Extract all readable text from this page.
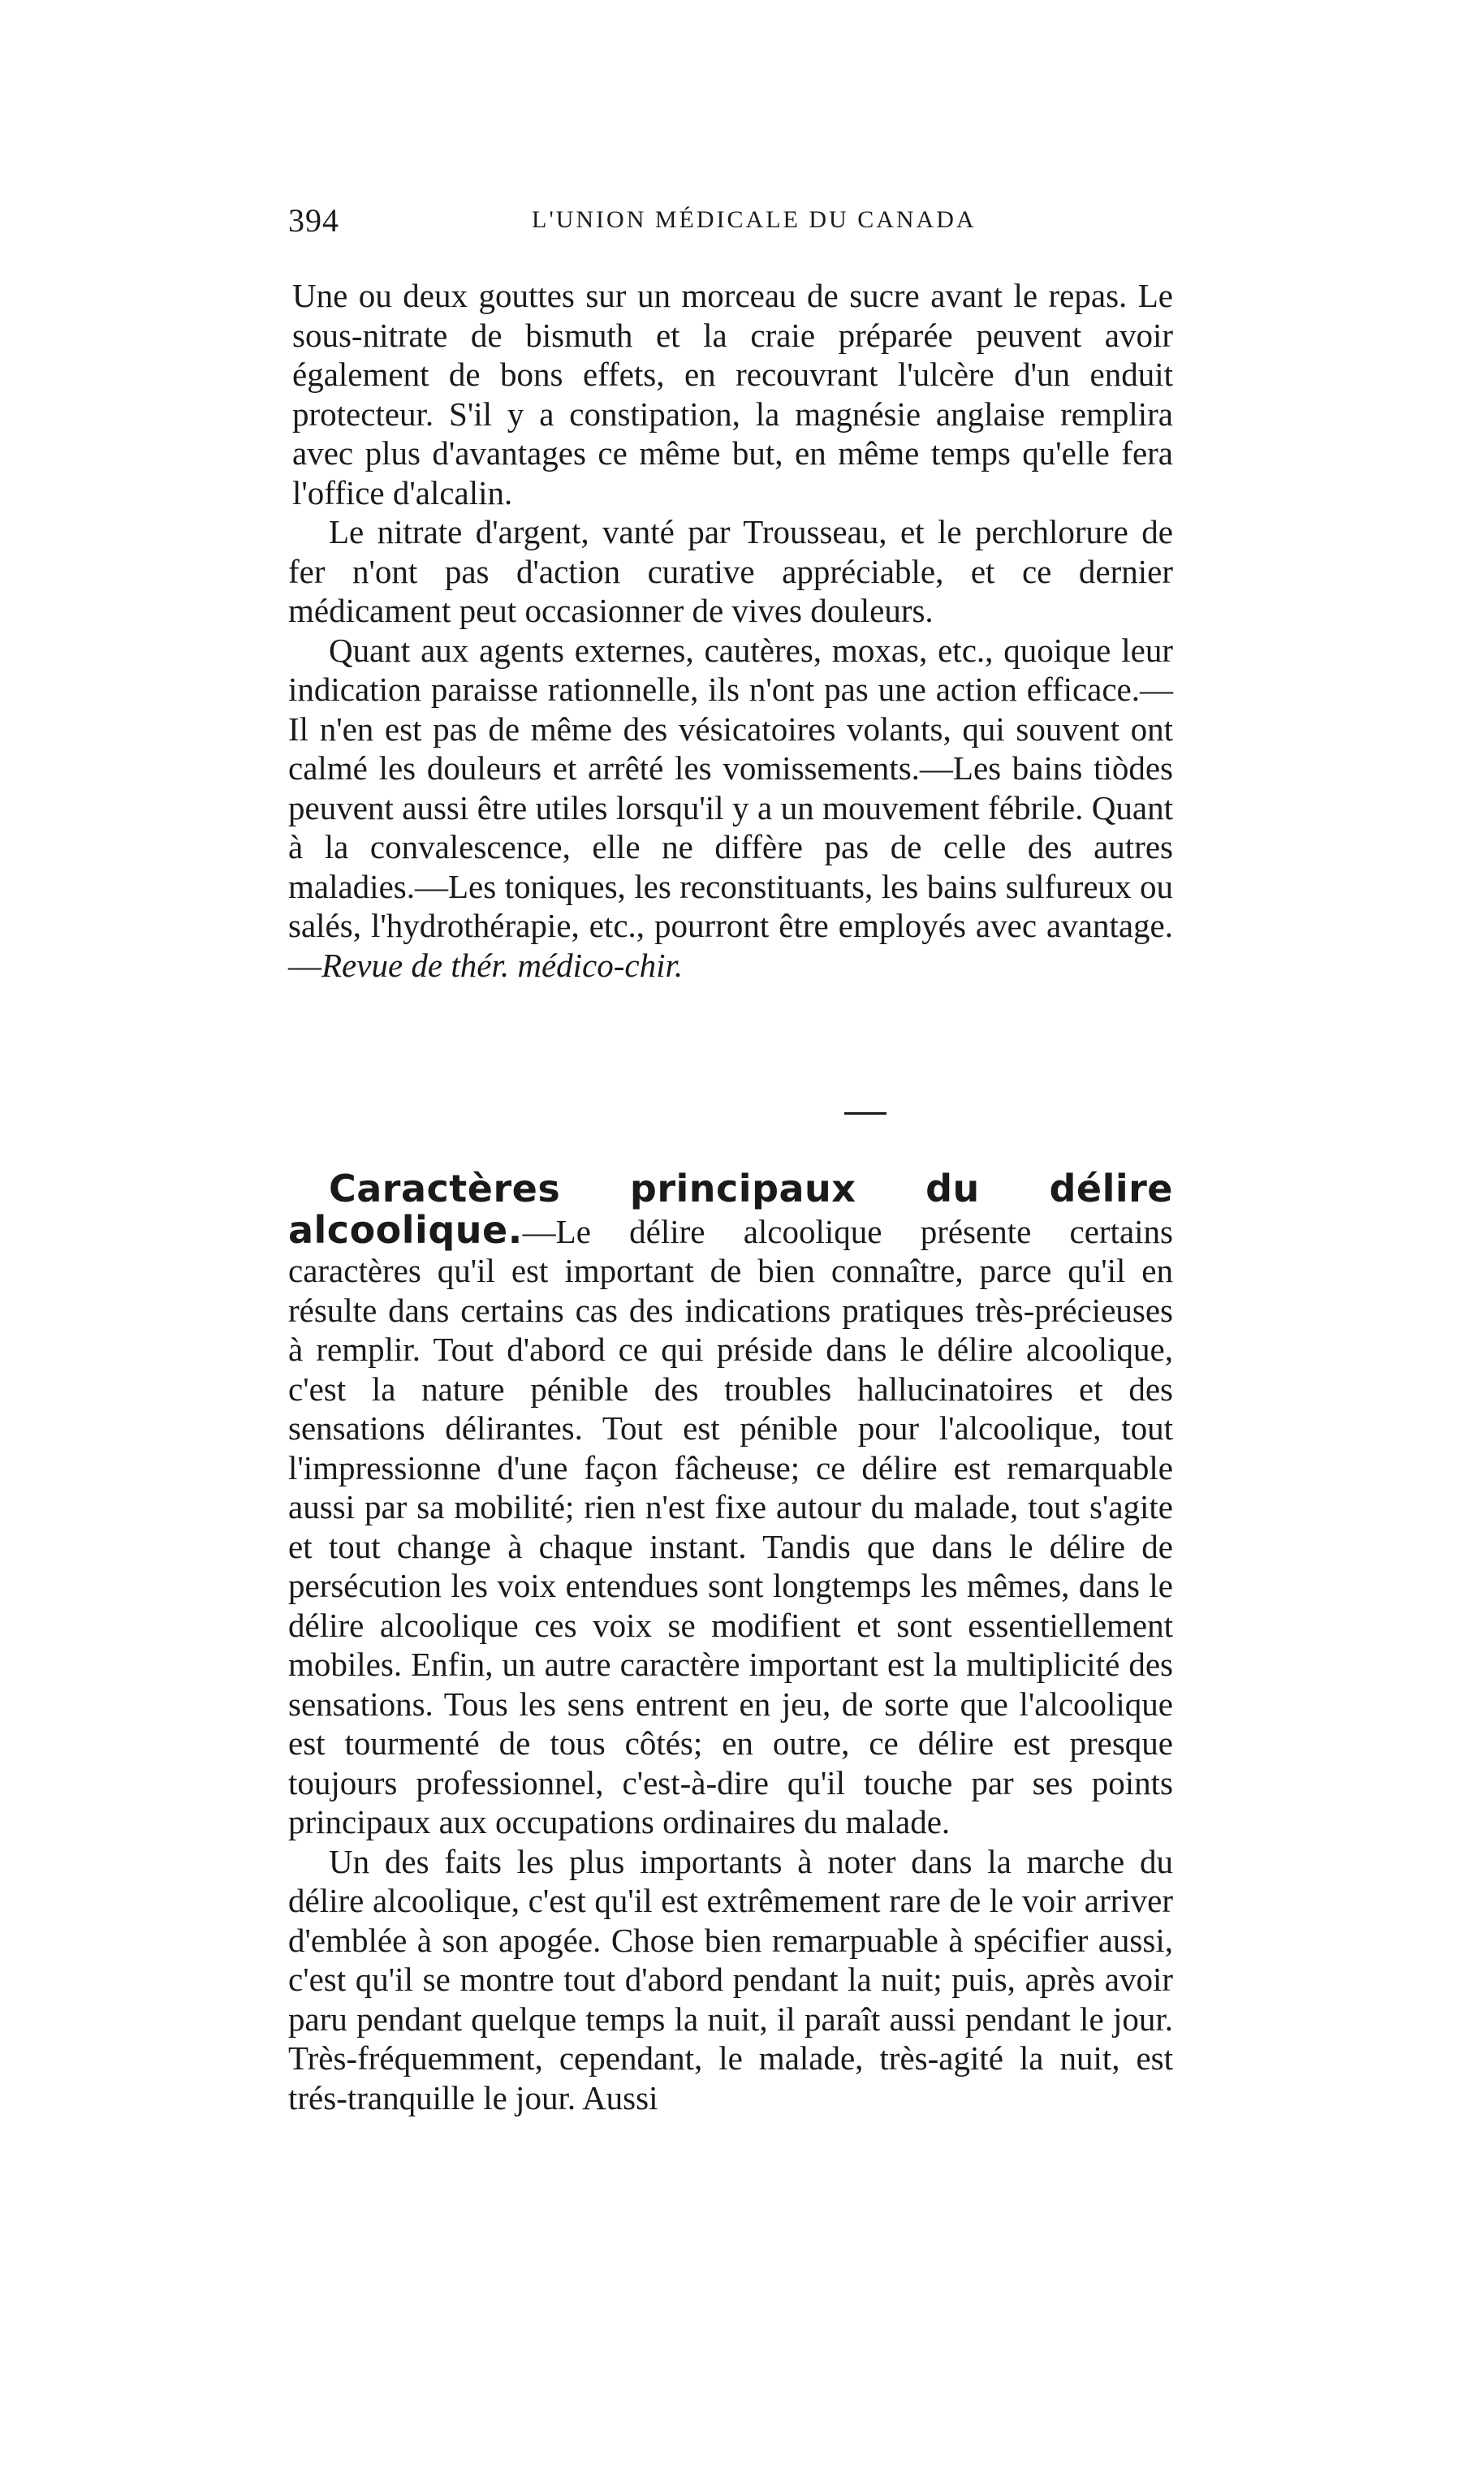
394	L'UNION MÉDICALE DU CANADA

Une ou deux gouttes sur un morceau de sucre avant le repas. Le sous-nitrate de bismuth et la craie préparée peuvent avoir également de bons effets, en recouvrant l'ulcère d'un enduit protecteur. S'il y a constipation, la magnésie anglaise remplira avec plus d'avantages ce même but, en même temps qu'elle fera l'office d'alcalin.

Le nitrate d'argent, vanté par Trousseau, et le perchlorure de fer n'ont pas d'action curative appréciable, et ce dernier médicament peut occasionner de vives douleurs.

Quant aux agents externes, cautères, moxas, etc., quoique leur indication paraisse rationnelle, ils n'ont pas une action efficace.—Il n'en est pas de même des vésicatoires volants, qui souvent ont calmé les douleurs et arrêté les vomissements.—Les bains tiòdes peuvent aussi être utiles lorsqu'il y a un mouvement fébrile. Quant à la convalescence, elle ne diffère pas de celle des autres maladies.—Les toniques, les reconstituants, les bains sulfureux ou salés, l'hydrothérapie, etc., pourront être employés avec avantage.—Revue de thér. médico-chir.

Caractères principaux du délire alcoolique.—Le délire alcoolique présente certains caractères qu'il est important de bien connaître, parce qu'il en résulte dans certains cas des indications pratiques très-précieuses à remplir. Tout d'abord ce qui préside dans le délire alcoolique, c'est la nature pénible des troubles hallucinatoires et des sensations délirantes. Tout est pénible pour l'alcoolique, tout l'impressionne d'une façon fâcheuse; ce délire est remarquable aussi par sa mobilité; rien n'est fixe autour du malade, tout s'agite et tout change à chaque instant. Tandis que dans le délire de persécution les voix entendues sont longtemps les mêmes, dans le délire alcoolique ces voix se modifient et sont essentiellement mobiles. Enfin, un autre caractère important est la multiplicité des sensations. Tous les sens entrent en jeu, de sorte que l'alcoolique est tourmenté de tous côtés; en outre, ce délire est presque toujours professionnel, c'est-à-dire qu'il touche par ses points principaux aux occupations ordinaires du malade.

Un des faits les plus importants à noter dans la marche du délire alcoolique, c'est qu'il est extrêmement rare de le voir arriver d'emblée à son apogée. Chose bien remarpuable à spécifier aussi, c'est qu'il se montre tout d'abord pendant la nuit; puis, après avoir paru pendant quelque temps la nuit, il paraît aussi pendant le jour. Très-fréquemment, cependant, le malade, très-agité la nuit, est trés-tranquille le jour. Aussi
